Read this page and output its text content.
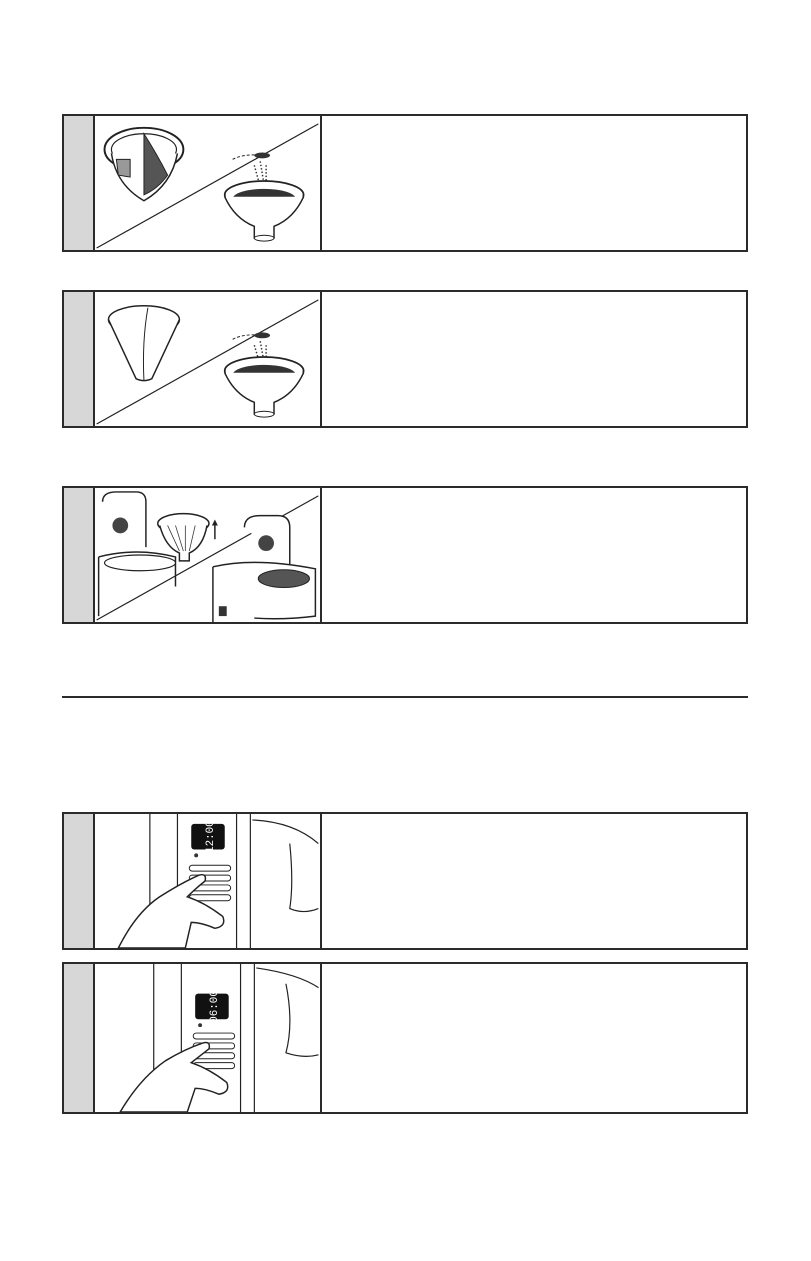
12:00
06:00
